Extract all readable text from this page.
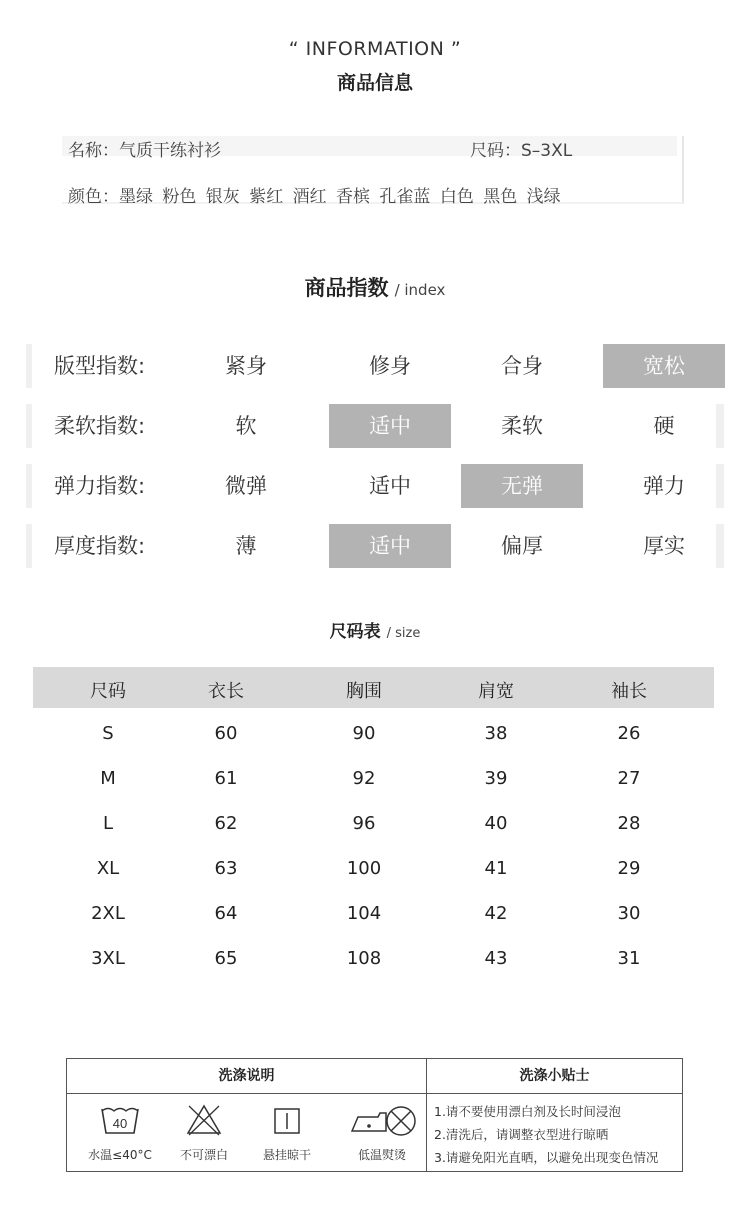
“ INFORMATION ”
商品信息
名称：气质干练衬衫	尺码：S–3XL
颜色：墨绿 粉色 银灰 紫红 酒红 香槟 孔雀蓝 白色 黑色 浅绿
商品指数 / index
版型指数:	紧身	修身	合身	宽松
柔软指数:	软	适中	柔软	硬
弹力指数:	微弹	适中	无弹	弹力
厚度指数:	薄	适中	偏厚	厚实
尺码表 / size
尺码	衣长	胸围	肩宽	袖长
S	60	90	38	26
M	61	92	39	27
L	62	96	40	28
XL	63	100	41	29
2XL	64	104	42	30
3XL	65	108	43	31
洗涤说明	洗涤小贴士
40
水温≤40°C	不可漂白	悬挂晾干	低温熨烫
1.请不要使用漂白剂及长时间浸泡
2.清洗后，请调整衣型进行晾晒
3.请避免阳光直晒，以避免出现变色情况
